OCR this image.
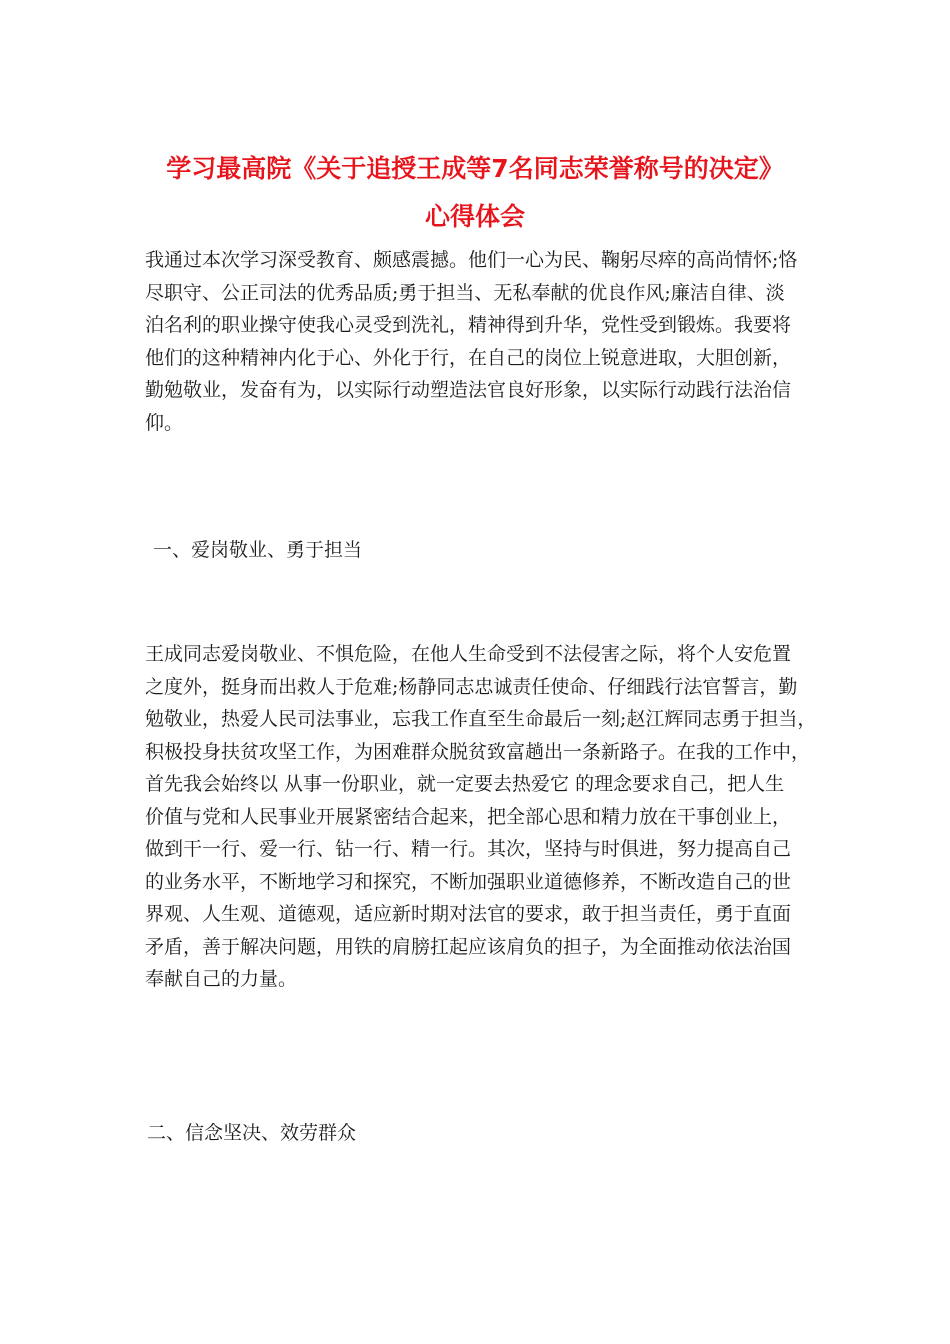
学习最高院《关于追授王成等7名同志荣誉称号的决定》
心得体会
我通过本次学习深受教育、颇感震撼。他们一心为民、鞠躬尽瘁的高尚情怀;恪
尽职守、公正司法的优秀品质;勇于担当、无私奉献的优良作风;廉洁自律、淡
泊名利的职业操守使我心灵受到洗礼，精神得到升华，党性受到锻炼。我要将
他们的这种精神内化于心、外化于行，在自己的岗位上锐意进取，大胆创新，
勤勉敬业，发奋有为，以实际行动塑造法官良好形象，以实际行动践行法治信
仰。
一、爱岗敬业、勇于担当
王成同志爱岗敬业、不惧危险，在他人生命受到不法侵害之际，将个人安危置
之度外，挺身而出救人于危难;杨静同志忠诚责任使命、仔细践行法官誓言，勤
勉敬业，热爱人民司法事业，忘我工作直至生命最后一刻;赵江辉同志勇于担当，
积极投身扶贫攻坚工作，为困难群众脱贫致富趟出一条新路子。在我的工作中，
首先我会始终以 从事一份职业，就一定要去热爱它 的理念要求自己，把人生
价值与党和人民事业开展紧密结合起来，把全部心思和精力放在干事创业上，
做到干一行、爱一行、钻一行、精一行。其次，坚持与时俱进，努力提高自己
的业务水平，不断地学习和探究，不断加强职业道德修养，不断改造自己的世
界观、人生观、道德观，适应新时期对法官的要求，敢于担当责任，勇于直面
矛盾，善于解决问题，用铁的肩膀扛起应该肩负的担子，为全面推动依法治国
奉献自己的力量。
二、信念坚决、效劳群众
